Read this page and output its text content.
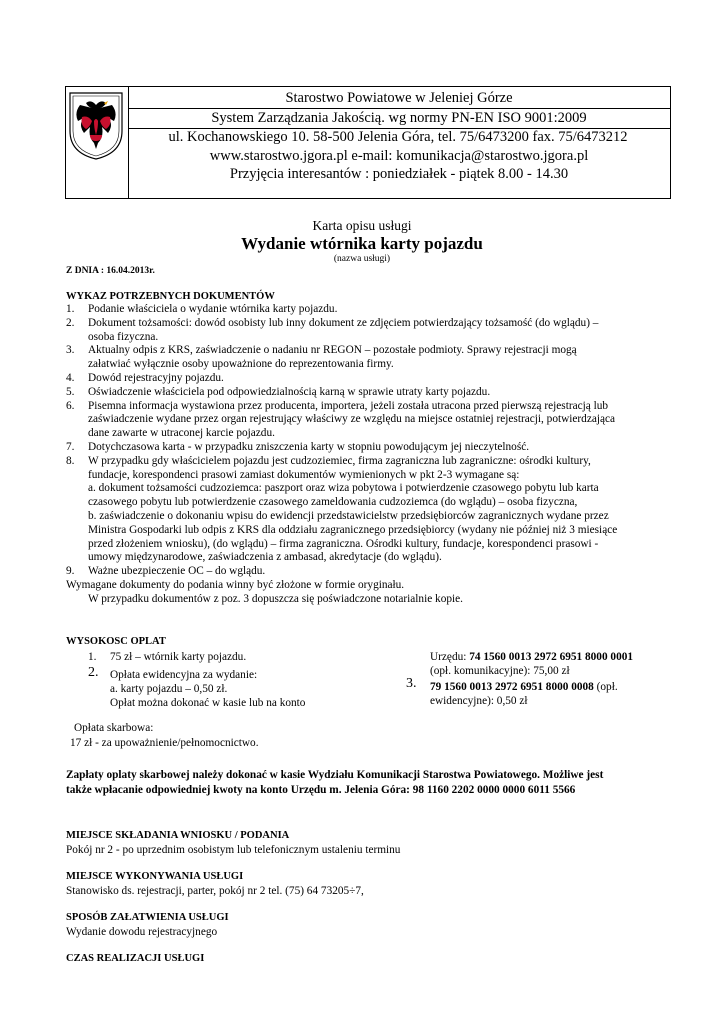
Starostwo Powiatowe w Jeleniej Górze
System Zarządzania Jakością. wg normy PN-EN ISO 9001:2009
ul. Kochanowskiego 10. 58-500 Jelenia Góra, tel. 75/6473200 fax. 75/6473212
www.starostwo.jgora.pl e-mail: komunikacja@starostwo.jgora.pl
Przyjęcia interesantów : poniedziałek - piątek 8.00 - 14.30
Karta opisu usługi
Wydanie wtórnika karty pojazdu
(nazwa usługi)
Z DNIA : 16.04.2013r.
WYKAZ POTRZEBNYCH DOKUMENTÓW
1. Podanie właściciela o wydanie wtórnika karty pojazdu.
2. Dokument tożsamości: dowód osobisty lub inny dokument ze zdjęciem potwierdzający tożsamość (do wglądu) –
osoba fizyczna.
3. Aktualny odpis z KRS, zaświadczenie o nadaniu nr REGON – pozostałe podmioty. Sprawy rejestracji mogą
załatwiać wyłącznie osoby upoważnione do reprezentowania firmy.
4. Dowód rejestracyjny pojazdu.
5. Oświadczenie właściciela pod odpowiedzialnością karną w sprawie utraty karty pojazdu.
6. Pisemna informacja wystawiona przez producenta, importera, jeżeli została utracona przed pierwszą rejestracją lub
zaświadczenie wydane przez organ rejestrujący właściwy ze względu na miejsce ostatniej rejestracji, potwierdzająca
dane zawarte w utraconej karcie pojazdu.
7. Dotychczasowa karta - w przypadku zniszczenia karty w stopniu powodującym jej nieczytelność.
8. W przypadku gdy właścicielem pojazdu jest cudzoziemiec, firma zagraniczna lub zagraniczne: ośrodki kultury,
fundacje, korespondenci prasowi zamiast dokumentów wymienionych w pkt 2-3 wymagane są:
a. dokument tożsamości cudzoziemca: paszport oraz wiza pobytowa i potwierdzenie czasowego pobytu lub karta
czasowego pobytu lub potwierdzenie czasowego zameldowania cudzoziemca (do wglądu) – osoba fizyczna,
b. zaświadczenie o dokonaniu wpisu do ewidencji przedstawicielstw przedsiębiorców zagranicznych wydane przez
Ministra Gospodarki lub odpis z KRS dla oddziału zagranicznego przedsiębiorcy (wydany nie później niż 3 miesiące
przed złożeniem wniosku), (do wglądu) – firma zagraniczna. Ośrodki kultury, fundacje, korespondenci prasowi -
umowy międzynarodowe, zaświadczenia z ambasad, akredytacje (do wglądu).
9. Ważne ubezpieczenie OC – do wglądu.
Wymagane dokumenty do podania winny być złożone w formie oryginału.
W przypadku dokumentów z poz. 3 dopuszcza się poświadczone notarialnie kopie.
WYSOKOSC OPLAT
1. 75 zł – wtórnik karty pojazdu.
2. Opłata ewidencyjna za wydanie:
a. karty pojazdu – 0,50 zł.
Opłat można dokonać w kasie lub na konto
Urzędu: 74 1560 0013 2972 6951 8000 0001
(opł. komunikacyjne): 75,00 zł
3. 79 1560 0013 2972 6951 8000 0008 (opł.
ewidencyjne): 0,50 zł
Opłata skarbowa:
17 zł - za upoważnienie/pełnomocnictwo.
Zapłaty oplaty skarbowej należy dokonać w kasie Wydziału Komunikacji Starostwa Powiatowego. Możliwe jest
także wpłacanie odpowiedniej kwoty na konto Urzędu m. Jelenia Góra: 98 1160 2202 0000 0000 6011 5566
MIEJSCE SKŁADANIA WNIOSKU / PODANIA
Pokój nr 2 - po uprzednim osobistym lub telefonicznym ustaleniu terminu
MIEJSCE WYKONYWANIA USŁUGI
Stanowisko ds. rejestracji, parter, pokój nr 2 tel. (75) 64 73205÷7,
SPOSÓB ZAŁATWIENIA USŁUGI
Wydanie dowodu rejestracyjnego
CZAS REALIZACJI USŁUGI
